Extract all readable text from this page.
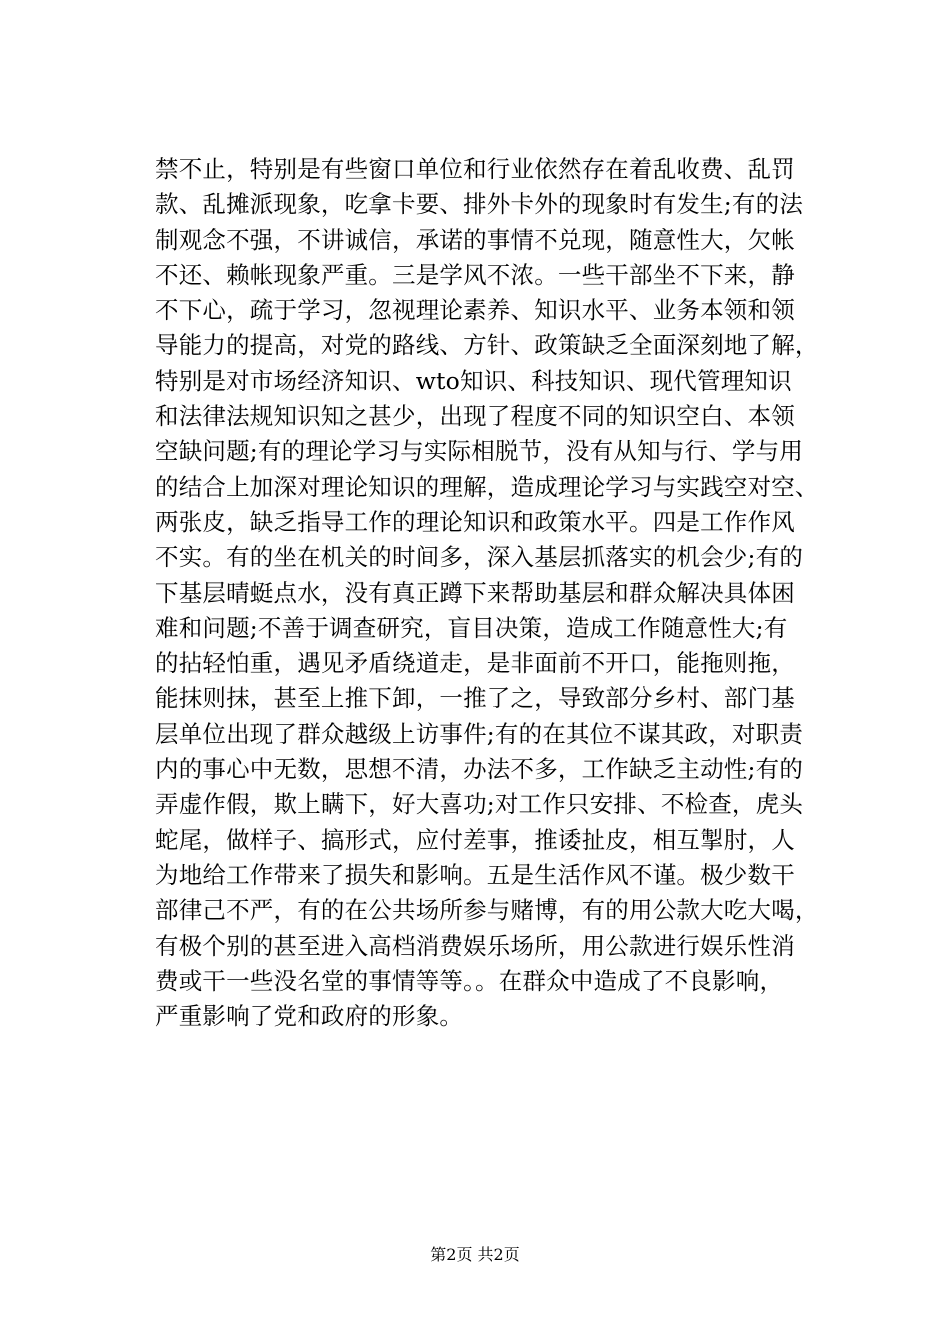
禁不止，特别是有些窗口单位和行业依然存在着乱收费、乱罚
款、乱摊派现象，吃拿卡要、排外卡外的现象时有发生;有的法
制观念不强，不讲诚信，承诺的事情不兑现，随意性大，欠帐
不还、赖帐现象严重。三是学风不浓。一些干部坐不下来，静
不下心，疏于学习，忽视理论素养、知识水平、业务本领和领
导能力的提高，对党的路线、方针、政策缺乏全面深刻地了解，
特别是对市场经济知识、wto知识、科技知识、现代管理知识
和法律法规知识知之甚少，出现了程度不同的知识空白、本领
空缺问题;有的理论学习与实际相脱节，没有从知与行、学与用
的结合上加深对理论知识的理解，造成理论学习与实践空对空、
两张皮，缺乏指导工作的理论知识和政策水平。四是工作作风
不实。有的坐在机关的时间多，深入基层抓落实的机会少;有的
下基层晴蜓点水，没有真正蹲下来帮助基层和群众解决具体困
难和问题;不善于调查研究，盲目决策，造成工作随意性大;有
的拈轻怕重，遇见矛盾绕道走，是非面前不开口，能拖则拖，
能抹则抹，甚至上推下卸，一推了之，导致部分乡村、部门基
层单位出现了群众越级上访事件;有的在其位不谋其政，对职责
内的事心中无数，思想不清，办法不多，工作缺乏主动性;有的
弄虚作假，欺上瞒下，好大喜功;对工作只安排、不检查，虎头
蛇尾，做样子、搞形式，应付差事，推诿扯皮，相互掣肘，人
为地给工作带来了损失和影响。五是生活作风不谨。极少数干
部律己不严，有的在公共场所参与赌博，有的用公款大吃大喝，
有极个别的甚至进入高档消费娱乐场所，用公款进行娱乐性消
费或干一些没名堂的事情等等。。在群众中造成了不良影响，
严重影响了党和政府的形象。
第2页 共2页
